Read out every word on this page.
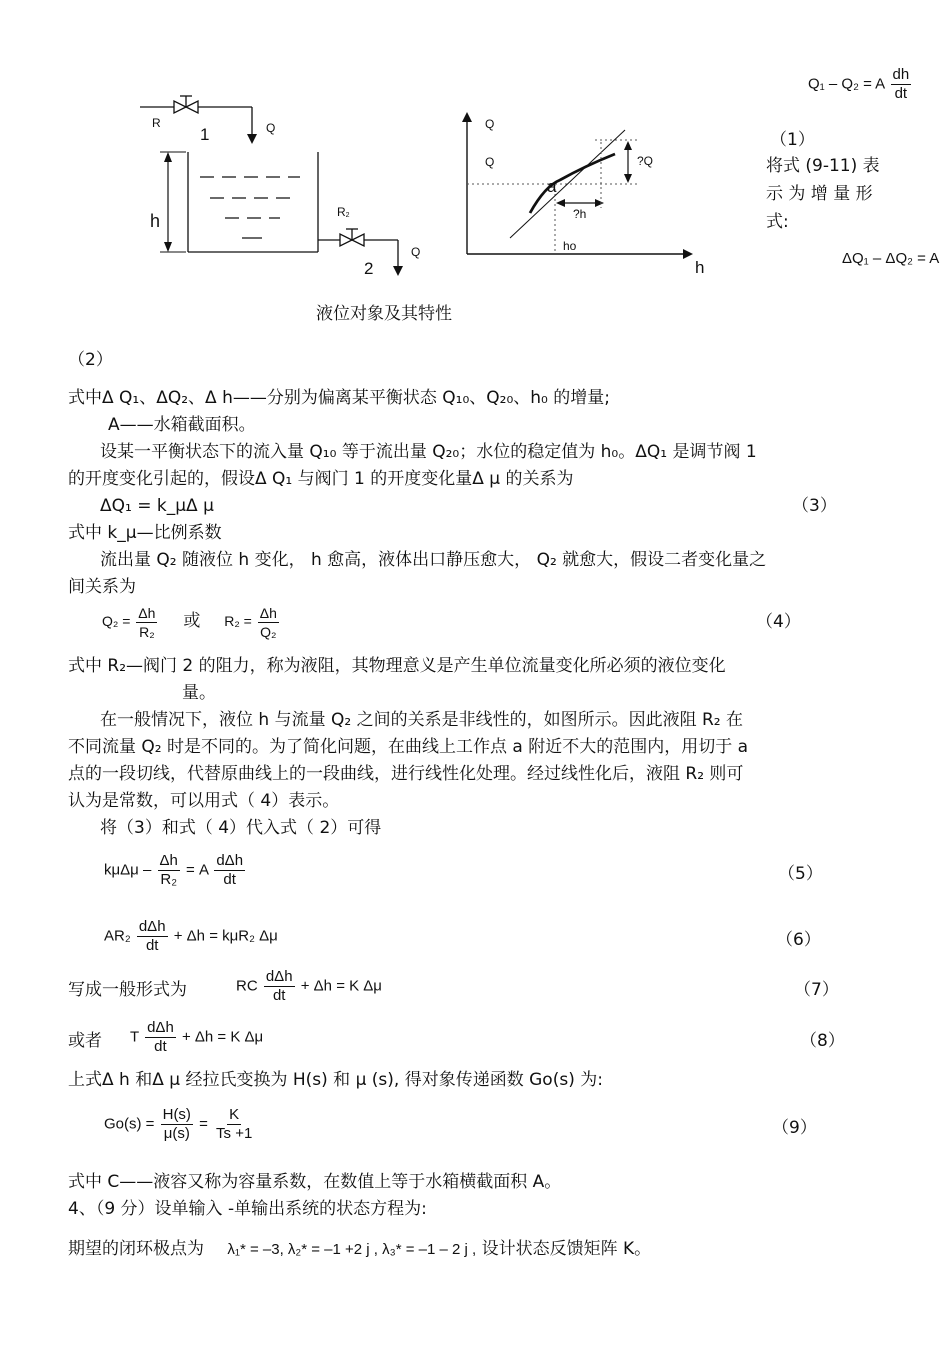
R
1	Q
h	R2
2
Q
Q
Q
a
?Q
?h
ho
h
液位对象及其特性
Q₁ – Q₂ = A $\frac{dh}{dt}$
（1）
将式 (9-11) 表
示 为 增 量 形
式:
ΔQ₁ – ΔQ₂ = A
（2）
式中Δ Q₁、ΔQ₂、Δ h——分别为偏离某平衡状态 Q₁₀、Q₂₀、h₀ 的增量;
A——水箱截面积。
设某一平衡状态下的流入量 Q₁₀ 等于流出量 Q₂₀；水位的稳定值为 h₀。ΔQ₁ 是调节阀 1
的开度变化引起的，假设Δ Q₁ 与阀门 1 的开度变化量Δ μ 的关系为
ΔQ₁ = k_μΔ μ	（3）
式中 k_μ—比例系数
流出量 Q₂ 随液位 h 变化， h 愈高，液体出口静压愈大， Q₂ 就愈大，假设二者变化量之
间关系为
$Q_2 = \frac{\Delta h}{\text{R₂}}$ 或 $R_2 = \frac{\Delta h}{\text{Q₂}}$	（4）
式中 R₂—阀门 2 的阻力，称为液阻，其物理意义是产生单位流量变化所必须的液位变化
量。
在一般情况下，液位 h 与流量 Q₂ 之间的关系是非线性的，如图所示。因此液阻 R₂ 在
不同流量 Q₂ 时是不同的。为了简化问题，在曲线上工作点 a 附近不大的范围内，用切于 a
点的一段切线，代替原曲线上的一段曲线，进行线性化处理。经过线性化后，液阻 R₂ 则可
认为是常数，可以用式（ 4）表示。
将（3）和式（ 4）代入式（ 2）可得
$k\mu\Delta\mu - \frac{\Delta h}{\text{R₂}} = A \frac{\text{dΔh}}{dt}$	（5）
$AR_2 \frac{\text{dΔh}}{dt} + \Delta h = k\mu R_2$ Δμ	（6）
写成一般形式为	RC $\frac{\text{dΔh}}{dt} + \Delta h = K$ Δμ	（7）
或者 T $\frac{\text{dΔh}}{dt} + \Delta h = K$ Δμ	（8）
上式Δ h 和Δ μ 经拉氏变换为 H(s) 和 μ (s), 得对象传递函数 Go(s) 为:
$Go(s) = \frac{H(s)}{\mu(s)} = \frac{K}{Ts +1}$	（9）
式中 C——液容又称为容量系数，在数值上等于水箱横截面积 A。
4、（9 分）设单输入 -单输出系统的状态方程为:
期望的闭环极点为 λ₁* = –3, λ₂* = –1 +2 j , λ₃* = –1 – 2 j , 设计状态反馈矩阵 K。
